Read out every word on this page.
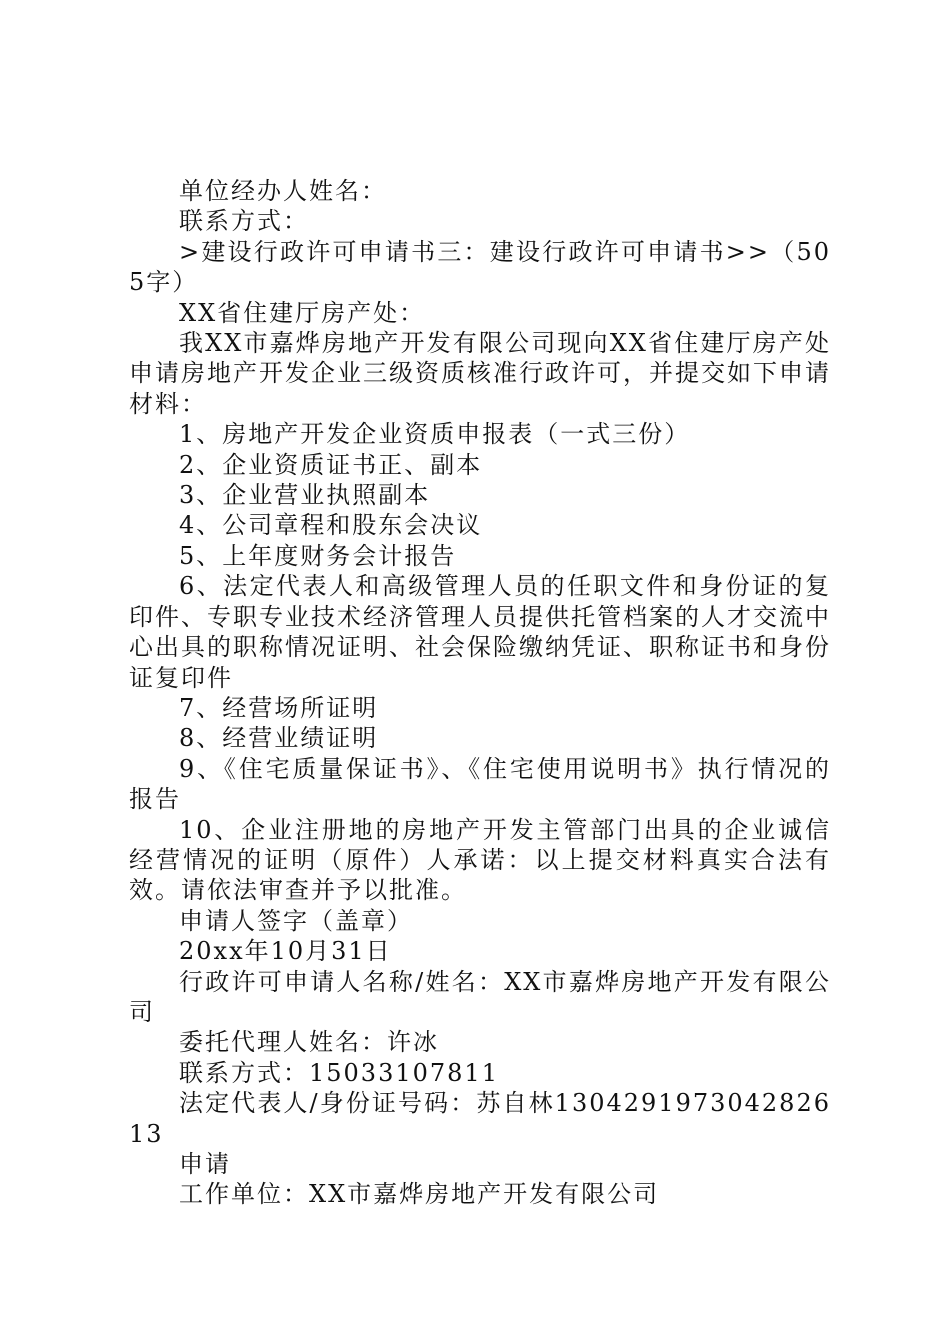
单位经办人姓名：

联系方式：

>建设行政许可申请书三：建设行政许可申请书>>（505字）

XX省住建厅房产处：

我XX市嘉烨房地产开发有限公司现向XX省住建厅房产处申请房地产开发企业三级资质核准行政许可，并提交如下申请材料：

1、房地产开发企业资质申报表（一式三份）

2、企业资质证书正、副本

3、企业营业执照副本

4、公司章程和股东会决议

5、上年度财务会计报告

6、法定代表人和高级管理人员的任职文件和身份证的复印件、专职专业技术经济管理人员提供托管档案的人才交流中心出具的职称情况证明、社会保险缴纳凭证、职称证书和身份证复印件

7、经营场所证明

8、经营业绩证明

9、《住宅质量保证书》、《住宅使用说明书》执行情况的报告

10、企业注册地的房地产开发主管部门出具的企业诚信经营情况的证明（原件）人承诺：以上提交材料真实合法有效。请依法审查并予以批准。

申请人签字（盖章）

20xx年10月31日

行政许可申请人名称/姓名：XX市嘉烨房地产开发有限公司

委托代理人姓名：许冰

联系方式：15033107811

法定代表人/身份证号码：苏自林130429197304282613

申请

工作单位：XX市嘉烨房地产开发有限公司
